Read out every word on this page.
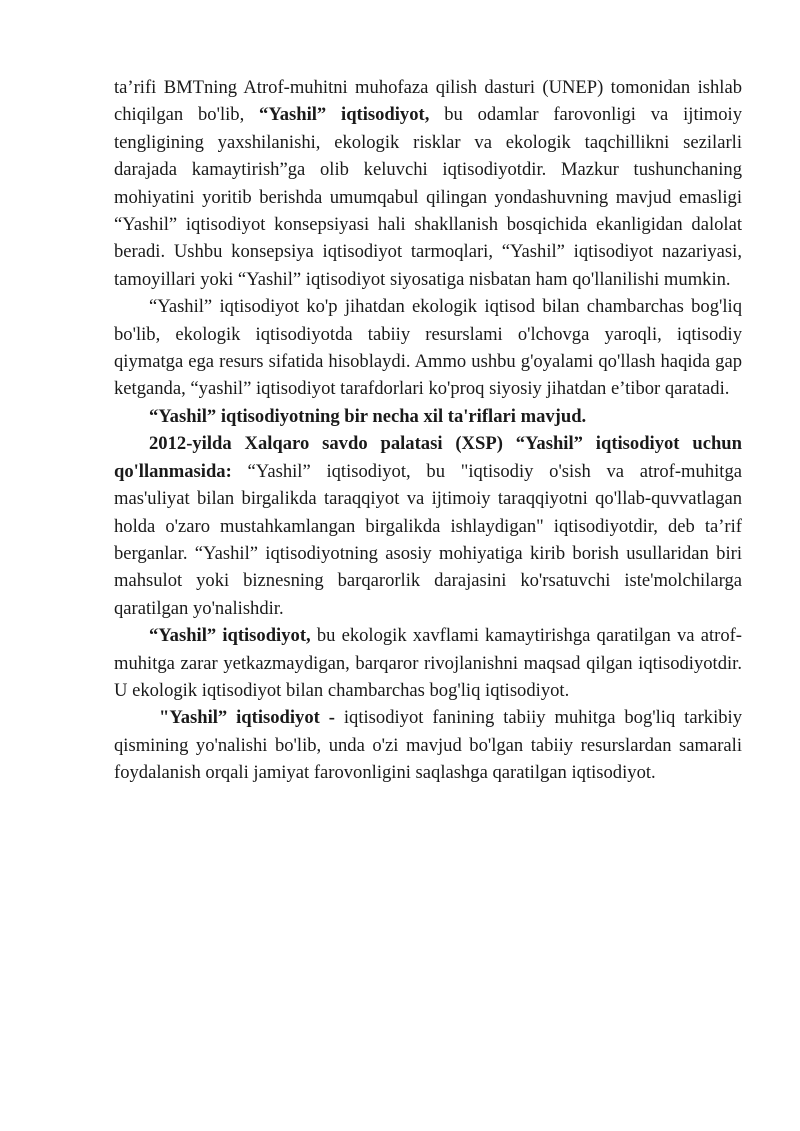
ta’rifi BMTning Atrof-muhitni muhofaza qilish dasturi (UNEP) tomonidan ishlab chiqilgan bo'lib, “Yashil” iqtisodiyot, bu odamlar farovonligi va ijtimoiy tengligining yaxshilanishi, ekologik risklar va ekologik taqchillikni sezilarli darajada kamaytirish”ga olib keluvchi iqtisodiyotdir. Mazkur tushunchaning mohiyatini yoritib berishda umumqabul qilingan yondashuvning mavjud emasligi “Yashil” iqtisodiyot konsepsiyasi hali shakllanish bosqichida ekanligidan dalolat beradi. Ushbu konsepsiya iqtisodiyot tarmoqlari, “Yashil” iqtisodiyot nazariyasi, tamoyillari yoki “Yashil” iqtisodiyot siyosatiga nisbatan ham qo'llanilishi mumkin.

“Yashil” iqtisodiyot ko'p jihatdan ekologik iqtisod bilan chambarchas bog'liq bo'lib, ekologik iqtisodiyotda tabiiy resurslami o'lchovga yaroqli, iqtisodiy qiymatga ega resurs sifatida hisoblaydi. Ammo ushbu g'oyalami qo'llash haqida gap ketganda, “yashil” iqtisodiyot tarafdorlari ko'proq siyosiy jihatdan e’tibor qaratadi.

“Yashil” iqtisodiyotning bir necha xil ta'riflari mavjud.

2012-yilda Xalqaro savdo palatasi (XSP) “Yashil” iqtisodiyot uchun qo'llanmasida: “Yashil” iqtisodiyot, bu "iqtisodiy o'sish va atrof-muhitga mas'uliyat bilan birgalikda taraqqiyot va ijtimoiy taraqqiyotni qo'llab-quvvatlagan holda o'zaro mustahkamlangan birgalikda ishlaydigan" iqtisodiyotdir, deb ta’rif berganlar. “Yashil” iqtisodiyotning asosiy mohiyatiga kirib borish usullaridan biri mahsulot yoki biznesning barqarorlik darajasini ko'rsatuvchi iste'molchilarga qaratilgan yo'nalishdir.

“Yashil” iqtisodiyot, bu ekologik xavflami kamaytirishga qaratilgan va atrof-muhitga zarar yetkazmaydigan, barqaror rivojlanishni maqsad qilgan iqtisodiyotdir. U ekologik iqtisodiyot bilan chambarchas bog'liq iqtisodiyot.

"Yashil” iqtisodiyot - iqtisodiyot fanining tabiiy muhitga bog'liq tarkibiy qismining yo'nalishi bo'lib, unda o'zi mavjud bo'lgan tabiiy resurslardan samarali foydalanish orqali jamiyat farovonligini saqlashga qaratilgan iqtisodiyot.
